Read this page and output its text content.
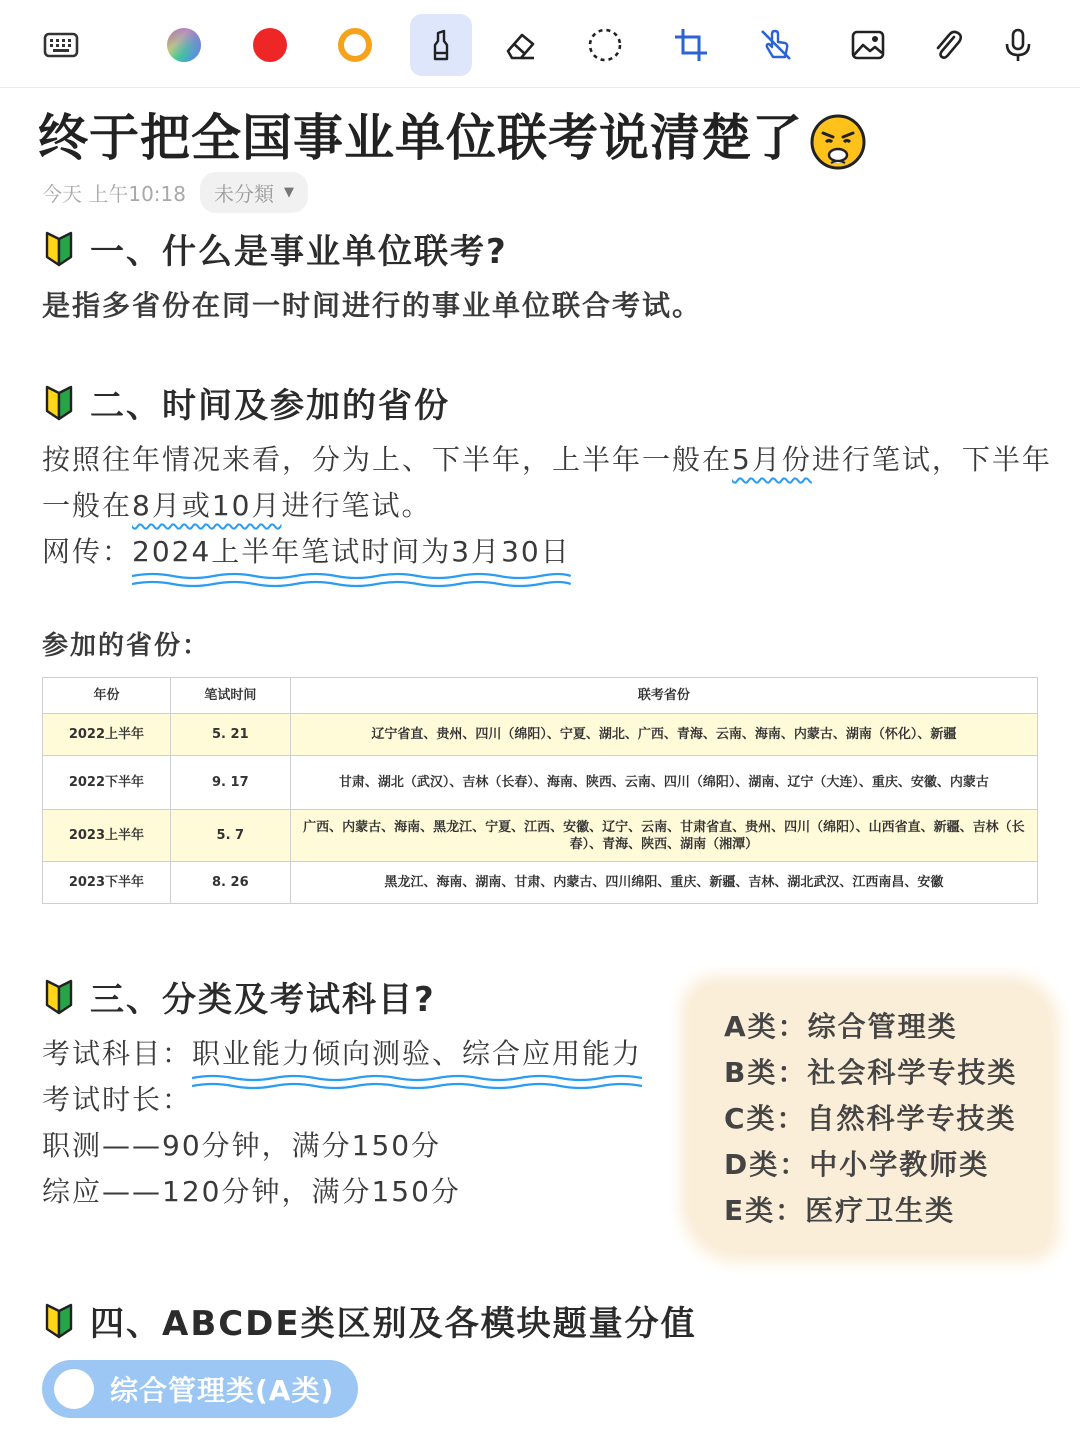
终于把全国事业单位联考说清楚了
今天 上午10:18 未分類 ▼
一、什么是事业单位联考?
是指多省份在同一时间进行的事业单位联合考试。
二、时间及参加的省份
按照往年情况来看，分为上、下半年，上半年一般在5月份进行笔试，下半年
一般在8月或10月进行笔试。
网传：2024上半年笔试时间为3月30日
参加的省份：
年份	笔试时间	联考省份
2022上半年	5. 21	辽宁省直、贵州、四川（绵阳）、宁夏、湖北、广西、青海、云南、海南、内蒙古、湖南（怀化）、新疆
2022下半年	9. 17	甘肃、湖北（武汉）、吉林（长春）、海南、陕西、云南、四川（绵阳）、湖南、辽宁（大连）、重庆、安徽、内蒙古
2023上半年	5. 7	广西、内蒙古、海南、黑龙江、宁夏、江西、安徽、辽宁、云南、甘肃省直、贵州、四川（绵阳）、山西省直、新疆、吉林（长春）、青海、陕西、湖南（湘潭）
2023下半年	8. 26	黑龙江、海南、湖南、甘肃、内蒙古、四川绵阳、重庆、新疆、吉林、湖北武汉、江西南昌、安徽
三、分类及考试科目?
考试科目：职业能力倾向测验、综合应用能力
考试时长：
职测——90分钟，满分150分
综应——120分钟，满分150分
A类：综合管理类
B类：社会科学专技类
C类：自然科学专技类
D类：中小学教师类
E类：医疗卫生类
四、ABCDE类区别及各模块题量分值
综合管理类(A类)
